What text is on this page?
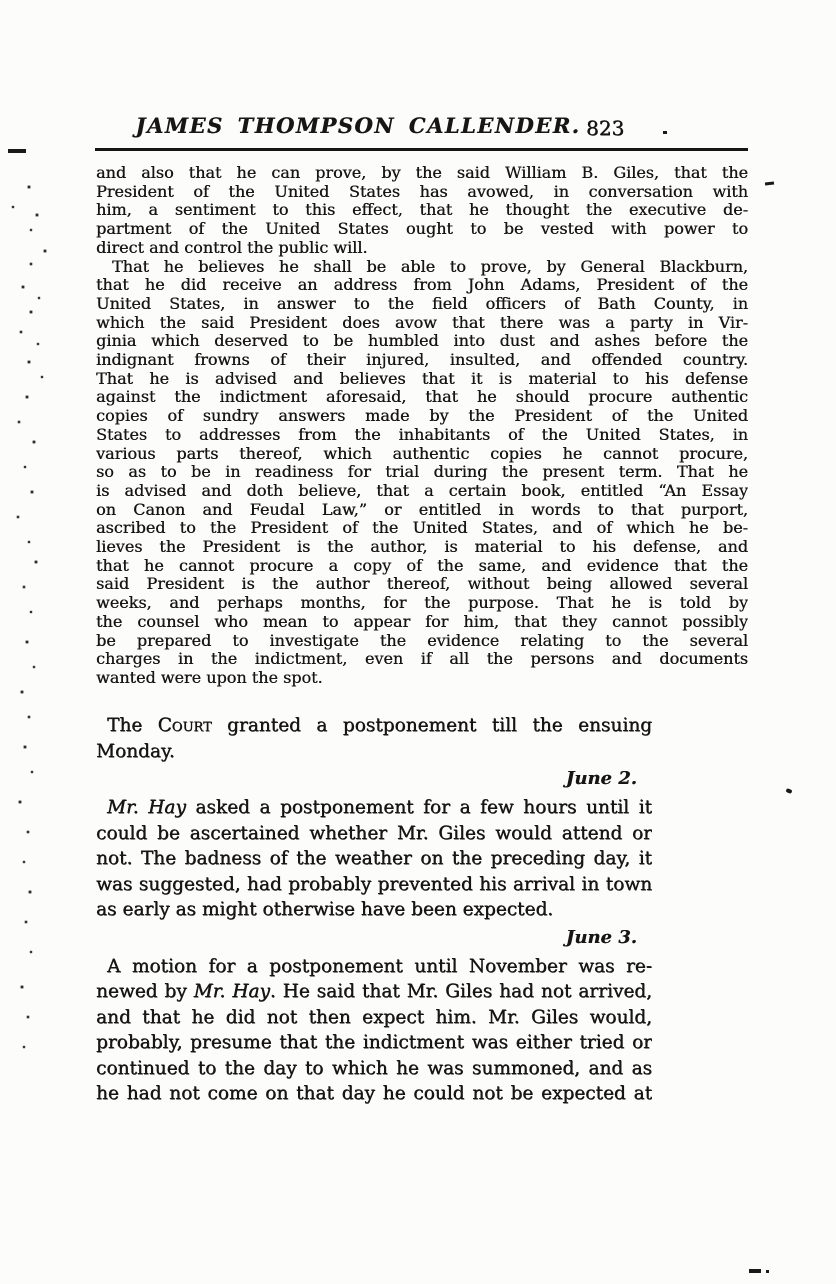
JAMES THOMPSON CALLENDER. 823
and also that he can prove, by the said William B. Giles, that the
President of the United States has avowed, in conversation with
him, a sentiment to this effect, that he thought the executive de-
partment of the United States ought to be vested with power to
direct and control the public will.
That he believes he shall be able to prove, by General Blackburn,
that he did receive an address from John Adams, President of the
United States, in answer to the field officers of Bath County, in
which the said President does avow that there was a party in Vir-
ginia which deserved to be humbled into dust and ashes before the
indignant frowns of their injured, insulted, and offended country.
That he is advised and believes that it is material to his defense
against the indictment aforesaid, that he should procure authentic
copies of sundry answers made by the President of the United
States to addresses from the inhabitants of the United States, in
various parts thereof, which authentic copies he cannot procure,
so as to be in readiness for trial during the present term. That he
is advised and doth believe, that a certain book, entitled “An Essay
on Canon and Feudal Law,” or entitled in words to that purport,
ascribed to the President of the United States, and of which he be-
lieves the President is the author, is material to his defense, and
that he cannot procure a copy of the same, and evidence that the
said President is the author thereof, without being allowed several
weeks, and perhaps months, for the purpose. That he is told by
the counsel who mean to appear for him, that they cannot possibly
be prepared to investigate the evidence relating to the several
charges in the indictment, even if all the persons and documents
wanted were upon the spot.
The Court granted a postponement till the ensuing
Monday.
June 2.
Mr. Hay asked a postponement for a few hours until it
could be ascertained whether Mr. Giles would attend or
not. The badness of the weather on the preceding day, it
was suggested, had probably prevented his arrival in town
as early as might otherwise have been expected.
June 3.
A motion for a postponement until November was re-
newed by Mr. Hay. He said that Mr. Giles had not arrived,
and that he did not then expect him. Mr. Giles would,
probably, presume that the indictment was either tried or
continued to the day to which he was summoned, and as
he had not come on that day he could not be expected at
